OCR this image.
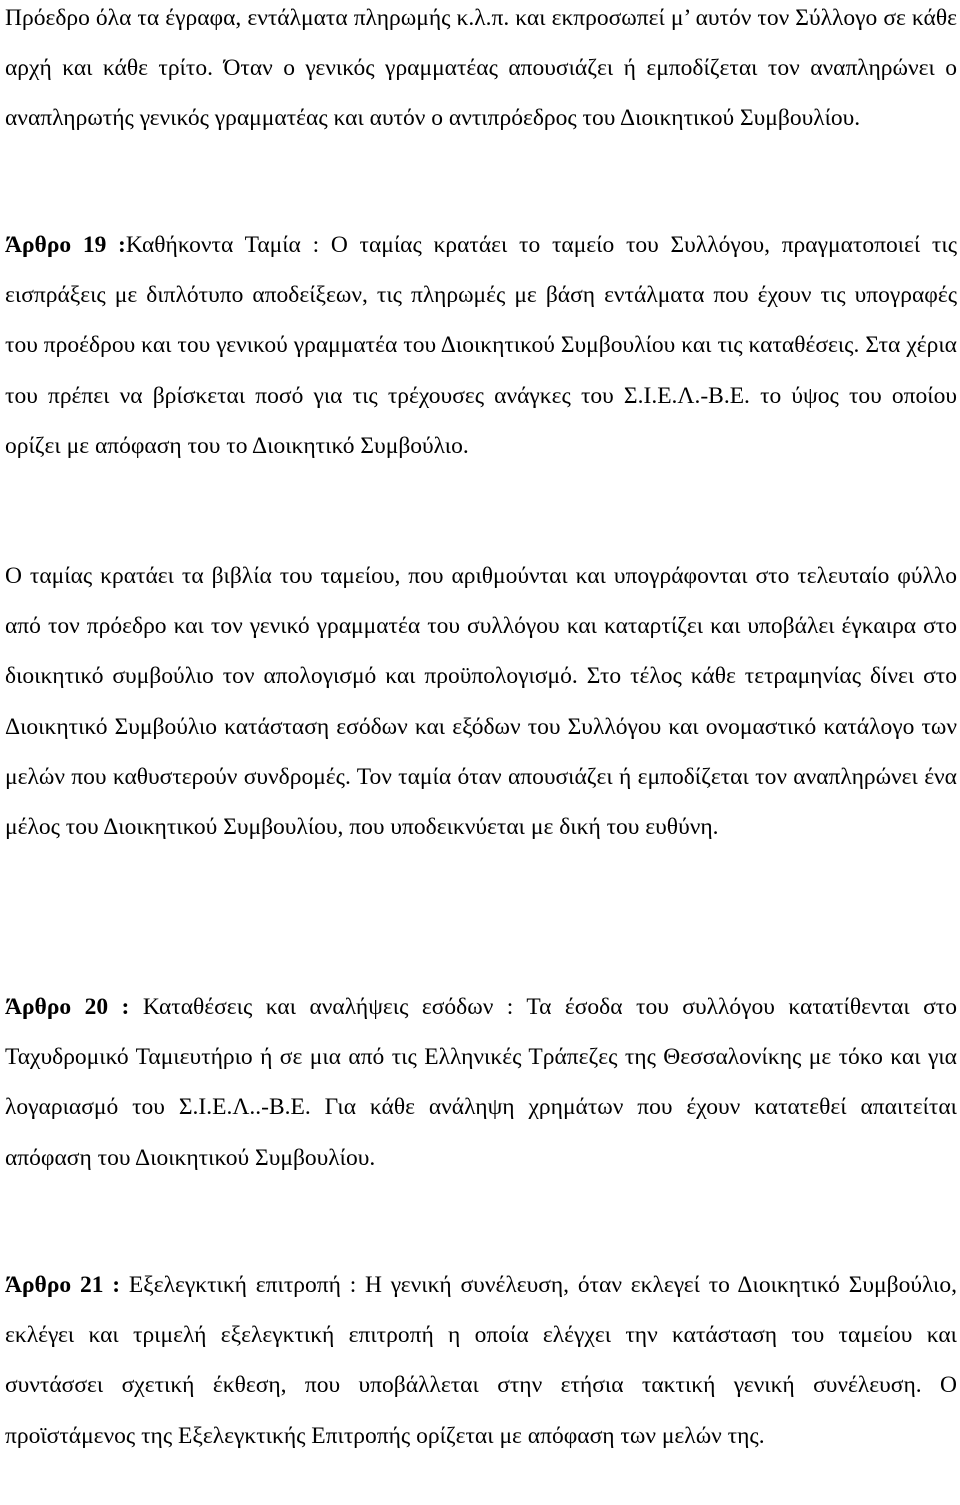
Πρόεδρο όλα τα έγραφα, εντάλματα πληρωμής κ.λ.π. και εκπροσωπεί μ’ αυτόν τον Σύλλογο σε κάθε αρχή και κάθε τρίτο. Όταν ο γενικός γραμματέας απουσιάζει ή εμποδίζεται τον αναπληρώνει ο αναπληρωτής γενικός γραμματέας και αυτόν ο αντιπρόεδρος του Διοικητικού Συμβουλίου.

Άρθρο 19 :Καθήκοντα Ταμία : Ο ταμίας κρατάει το ταμείο του Συλλόγου, πραγματοποιεί τις εισπράξεις με διπλότυπο αποδείξεων, τις πληρωμές με βάση εντάλματα που έχουν τις υπογραφές του προέδρου και του γενικού γραμματέα του Διοικητικού Συμβουλίου και τις καταθέσεις. Στα χέρια του πρέπει να βρίσκεται ποσό για τις τρέχουσες ανάγκες του Σ.Ι.Ε.Λ.-Β.Ε. το ύψος του οποίου ορίζει με απόφαση του το Διοικητικό Συμβούλιο.

Ο ταμίας κρατάει τα βιβλία του ταμείου, που αριθμούνται και υπογράφονται στο τελευταίο φύλλο από τον πρόεδρο και τον γενικό γραμματέα του συλλόγου και καταρτίζει και υποβάλει έγκαιρα στο διοικητικό συμβούλιο τον απολογισμό και προϋπολογισμό. Στο τέλος κάθε τετραμηνίας δίνει στο Διοικητικό Συμβούλιο κατάσταση εσόδων και εξόδων του Συλλόγου και ονομαστικό κατάλογο των μελών που καθυστερούν συνδρομές. Τον ταμία όταν απουσιάζει ή εμποδίζεται τον αναπληρώνει ένα μέλος του Διοικητικού Συμβουλίου, που υποδεικνύεται με δική του ευθύνη.

Άρθρο 20 : Καταθέσεις και αναλήψεις εσόδων : Τα έσοδα του συλλόγου κατατίθενται στο Ταχυδρομικό Ταμιευτήριο ή σε μια από τις Ελληνικές Τράπεζες της Θεσσαλονίκης με τόκο και για λογαριασμό του Σ.Ι.Ε.Λ..-Β.Ε. Για κάθε ανάληψη χρημάτων που έχουν κατατεθεί απαιτείται απόφαση του Διοικητικού Συμβουλίου.

Άρθρο 21 : Εξελεγκτική επιτροπή : Η γενική συνέλευση, όταν εκλεγεί το Διοικητικό Συμβούλιο, εκλέγει και τριμελή εξελεγκτική επιτροπή η οποία ελέγχει την κατάσταση του ταμείου και συντάσσει σχετική έκθεση, που υποβάλλεται στην ετήσια τακτική γενική συνέλευση. Ο προϊστάμενος της Εξελεγκτικής Επιτροπής ορίζεται με απόφαση των μελών της.
